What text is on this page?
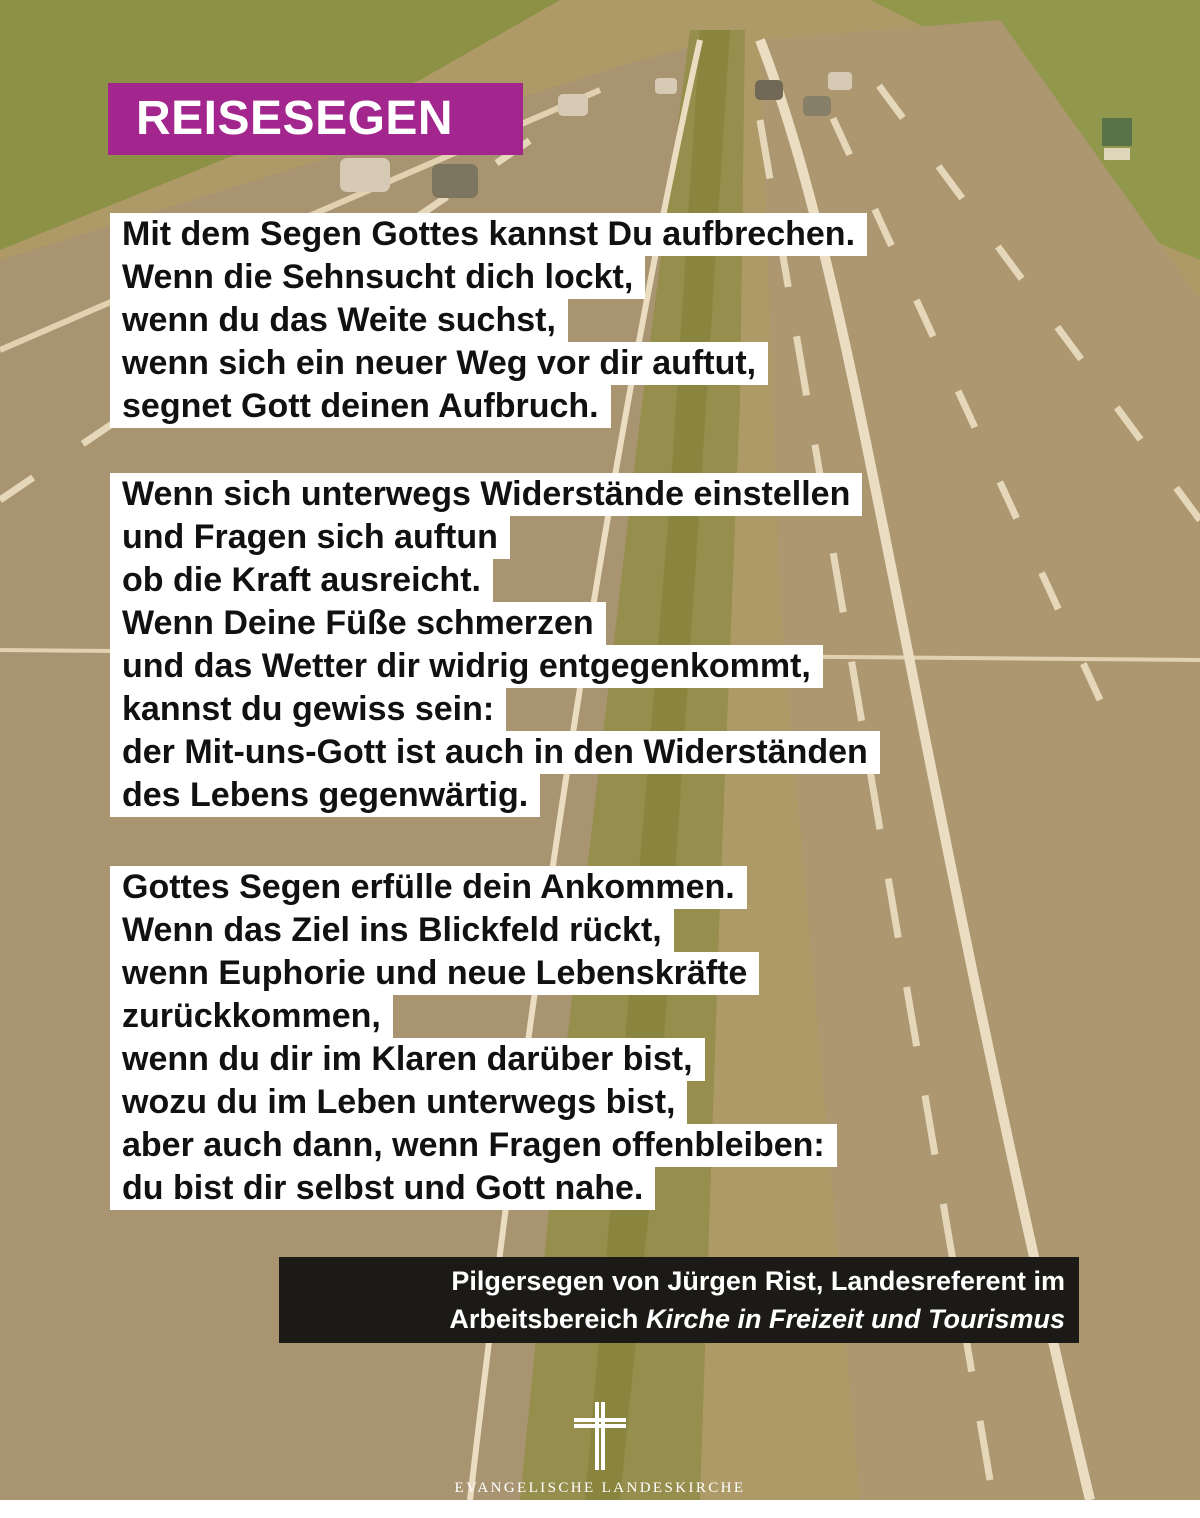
REISESEGEN
Mit dem Segen Gottes kannst Du aufbrechen.
Wenn die Sehnsucht dich lockt,
wenn du das Weite suchst,
wenn sich ein neuer Weg vor dir auftut,
segnet Gott deinen Aufbruch.
Wenn sich unterwegs Widerstände einstellen
und Fragen sich auftun
ob die Kraft ausreicht.
Wenn Deine Füße schmerzen
und das Wetter dir widrig entgegenkommt,
kannst du gewiss sein:
der Mit-uns-Gott ist auch in den Widerständen
des Lebens gegenwärtig.
Gottes Segen erfülle dein Ankommen.
Wenn das Ziel ins Blickfeld rückt,
wenn Euphorie und neue Lebenskräfte
zurückkommen,
wenn du dir im Klaren darüber bist,
wozu du im Leben unterwegs bist,
aber auch dann, wenn Fragen offenbleiben:
du bist dir selbst und Gott nahe.
Pilgersegen von Jürgen Rist, Landesreferent im
Arbeitsbereich Kirche in Freizeit und Tourismus
EVANGELISCHE LANDESKIRCHE
IN WÜRTTEMBERG
